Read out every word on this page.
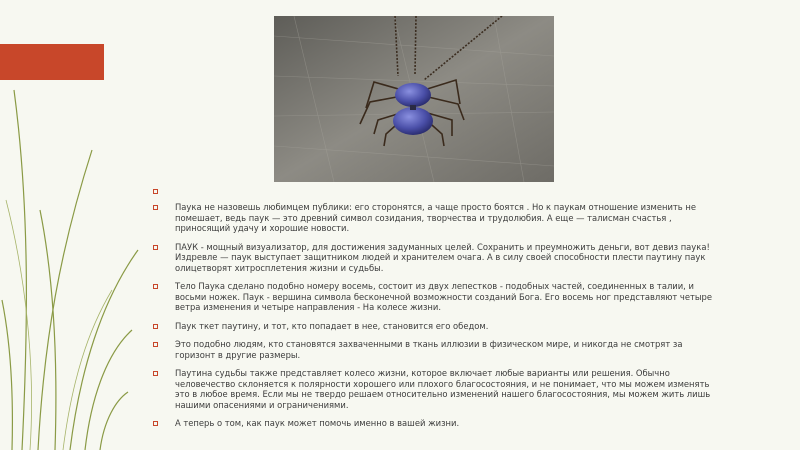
Паука не назовешь любимцем публики: его сторонятся, а чаще просто боятся . Но к паукам отношение изменить не помешает, ведь паук — это древний символ созидания, творчества и трудолюбия. А еще — талисман счастья , приносящий удачу и хорошие новости.
ПАУК - мощный визуализатор, для достижения задуманных целей. Сохранить и преумножить деньги, вот девиз паука! Издревле — паук выступает защитником людей и хранителем очага. А в силу своей способности плести паутину паук олицетворят хитросплетения жизни и судьбы.
Тело Паука сделано подобно номеру восемь, состоит из двух лепестков - подобных частей, соединенных в талии, и восьми ножек. Паук - вершина символа бесконечной возможности созданий Бога. Его восемь ног представляют четыре ветра изменения и четыре направления - На колесе жизни.
Паук ткет паутину, и тот, кто попадает в нее, становится его обедом.
Это подобно людям, кто становятся захваченными в ткань иллюзии в физическом мире, и никогда не смотрят за горизонт в другие размеры.
Паутина судьбы также представляет колесо жизни, которое включает любые варианты или решения. Обычно человечество склоняется к полярности хорошего или плохого благосостояния, и не понимает, что мы можем изменять это в любое время. Если мы не твердо решаем относительно изменений нашего благосостояния, мы можем жить лишь нашими опасениями и ограничениями.
А теперь о том, как паук может помочь именно в вашей жизни.
